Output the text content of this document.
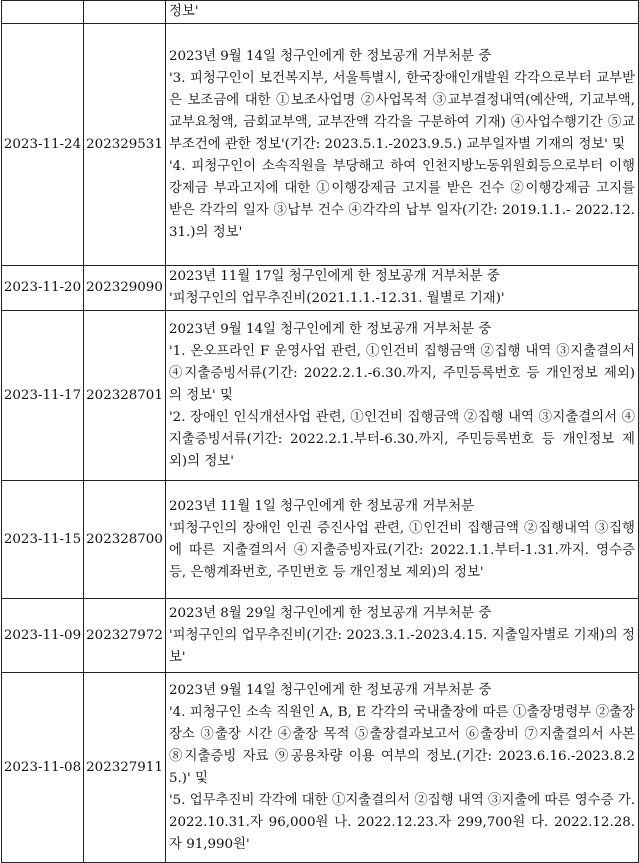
		정보'

2023-11-24	202329531	2023년 9월 14일 청구인에게 한 정보공개 거부처분 중
'3. 피청구인이 보건복지부, 서울특별시, 한국장애인개발원 각각으로부터 교부받은 보조금에 대한 ①보조사업명 ②사업목적 ③교부결정내역(예산액, 기교부액, 교부요청액, 금회교부액, 교부잔액 각각을 구분하여 기재) ④사업수행기간 ⑤교부조건에 관한 정보'(기간: 2023.5.1.-2023.9.5.) 교부일자별 기재의 정보' 및
'4. 피청구인이 소속직원을 부당해고 하여 인천지방노동위원회등으로부터 이행강제금 부과고지에 대한 ①이행강제금 고지를 받은 건수 ②이행강제금 고지를 받은 각각의 일자 ③납부 건수 ④각각의 납부 일자(기간: 2019.1.1.- 2022.12.31.)의 정보'

2023-11-20	202329090	2023년 11월 17일 청구인에게 한 정보공개 거부처분 중
'피청구인의 업무추진비(2021.1.1.-12.31. 월별로 기재)'

2023-11-17	202328701	2023년 9월 14일 청구인에게 한 정보공개 거부처분 중
'1. 온오프라인 F 운영사업 관련, ①인건비 집행금액 ②집행 내역 ③지출결의서 ④지출증빙서류(기간: 2022.2.1.-6.30.까지, 주민등록번호 등 개인정보 제외)의 정보' 및
'2. 장애인 인식개선사업 관련, ①인건비 집행금액 ②집행 내역 ③지출결의서 ④지출증빙서류(기간: 2022.2.1.부터-6.30.까지, 주민등록번호 등 개인정보 제외)의 정보'

2023-11-15	202328700	2023년 11월 1일 청구인에게 한 정보공개 거부처분
'피청구인의 장애인 인권 증진사업 관련, ①인건비 집행금액 ②집행내역 ③집행에 따른 지출결의서 ④지출증빙자료(기간: 2022.1.1.부터-1.31.까지. 영수증 등, 은행계좌번호, 주민번호 등 개인정보 제외)의 정보'

2023-11-09	202327972	2023년 8월 29일 청구인에게 한 정보공개 거부처분 중
'피청구인의 업무추진비(기간: 2023.3.1.-2023.4.15. 지출일자별로 기재)의 정보'

2023-11-08	202327911	2023년 9월 14일 청구인에게 한 정보공개 거부처분 중
'4. 피청구인 소속 직원인 A, B, E 각각의 국내출장에 따른 ①출장명령부 ②출장 장소 ③출장 시간 ④출장 목적 ⑤출장결과보고서 ⑥출장비 ⑦지출결의서 사본 ⑧지출증빙 자료 ⑨공용차량 이용 여부의 정보.(기간: 2023.6.16.-2023.8.25.)' 및
'5. 업무추진비 각각에 대한 ①지출결의서 ②집행 내역 ③지출에 따른 영수증 가. 2022.10.31.자 96,000원 나. 2022.12.23.자 299,700원 다. 2022.12.28.자 91,990원'
